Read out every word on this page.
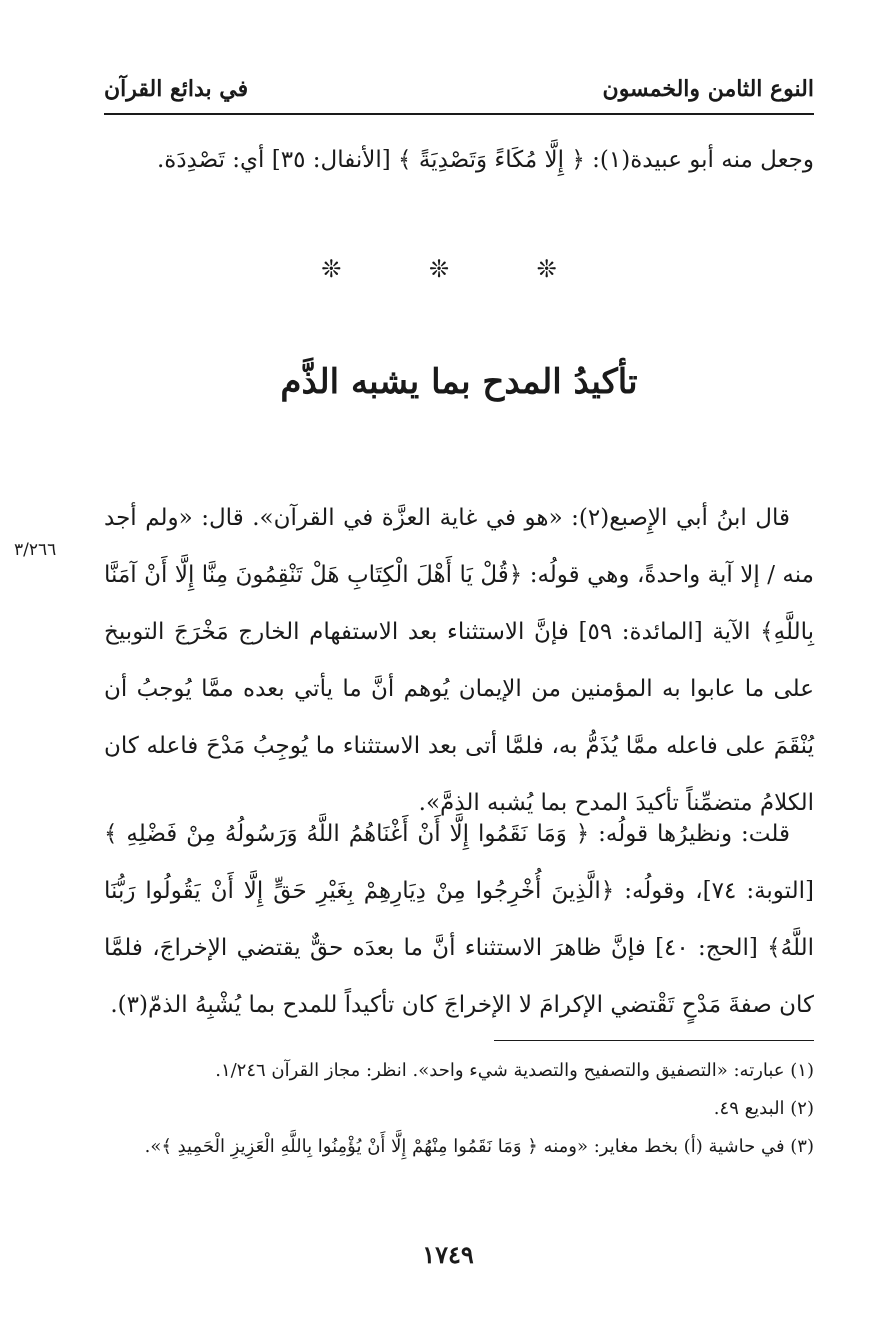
النوع الثامن والخمسون
في بدائع القرآن

وجعل منه أبو عبيدة(١): ﴿ إِلَّا مُكَاءً وَتَصْدِيَةً ﴾ [الأنفال: ٣٥] أي: تَصْدِدَة.

❊ ❊ ❊
تأكيدُ المدح بما يشبه الذَّم
٣/٢٦٦

قال ابنُ أبي الإِصبع(٢): «هو في غاية العزَّة في القرآن». قال: «ولم أجد منه / إلا آية واحدةً، وهي قولُه: ﴿قُلْ يَا أَهْلَ الْكِتَابِ هَلْ تَنْقِمُونَ مِنَّا إِلَّا أَنْ آمَنَّا بِاللَّهِ﴾ الآية [المائدة: ٥٩] فإنَّ الاستثناء بعد الاستفهام الخارج مَخْرَجَ التوبيخ على ما عابوا به المؤمنين من الإيمان يُوهم أنَّ ما يأتي بعده ممَّا يُوجبُ أن يُنْقَمَ على فاعله ممَّا يُذَمُّ به، فلمَّا أتى بعد الاستثناء ما يُوجِبُ مَدْحَ فاعله كان الكلامُ متضمِّناً تأكيدَ المدح بما يُشبه الذمَّ».

قلت: ونظيرُها قولُه: ﴿ وَمَا نَقَمُوا إِلَّا أَنْ أَغْنَاهُمُ اللَّهُ وَرَسُولُهُ مِنْ فَضْلِهِ ﴾ [التوبة: ٧٤]، وقولُه: ﴿الَّذِينَ أُخْرِجُوا مِنْ دِيَارِهِمْ بِغَيْرِ حَقٍّ إِلَّا أَنْ يَقُولُوا رَبُّنَا اللَّهُ﴾ [الحج: ٤٠] فإنَّ ظاهرَ الاستثناء أنَّ ما بعدَه حقٌّ يقتضي الإخراجَ، فلمَّا كان صفةَ مَدْحٍ تَقْتضي الإكرامَ لا الإخراجَ كان تأكيداً للمدح بما يُشْبِهُ الذمّ(٣).

(١) عبارته: «التصفيق والتصفيح والتصدية شيء واحد». انظر: مجاز القرآن ١/٢٤٦.
(٢) البديع ٤٩.
(٣) في حاشية (أ) بخط مغاير: «ومنه ﴿ وَمَا نَقَمُوا مِنْهُمْ إِلَّا أَنْ يُؤْمِنُوا بِاللَّهِ الْعَزِيزِ الْحَمِيدِ ﴾».
١٧٤٩
